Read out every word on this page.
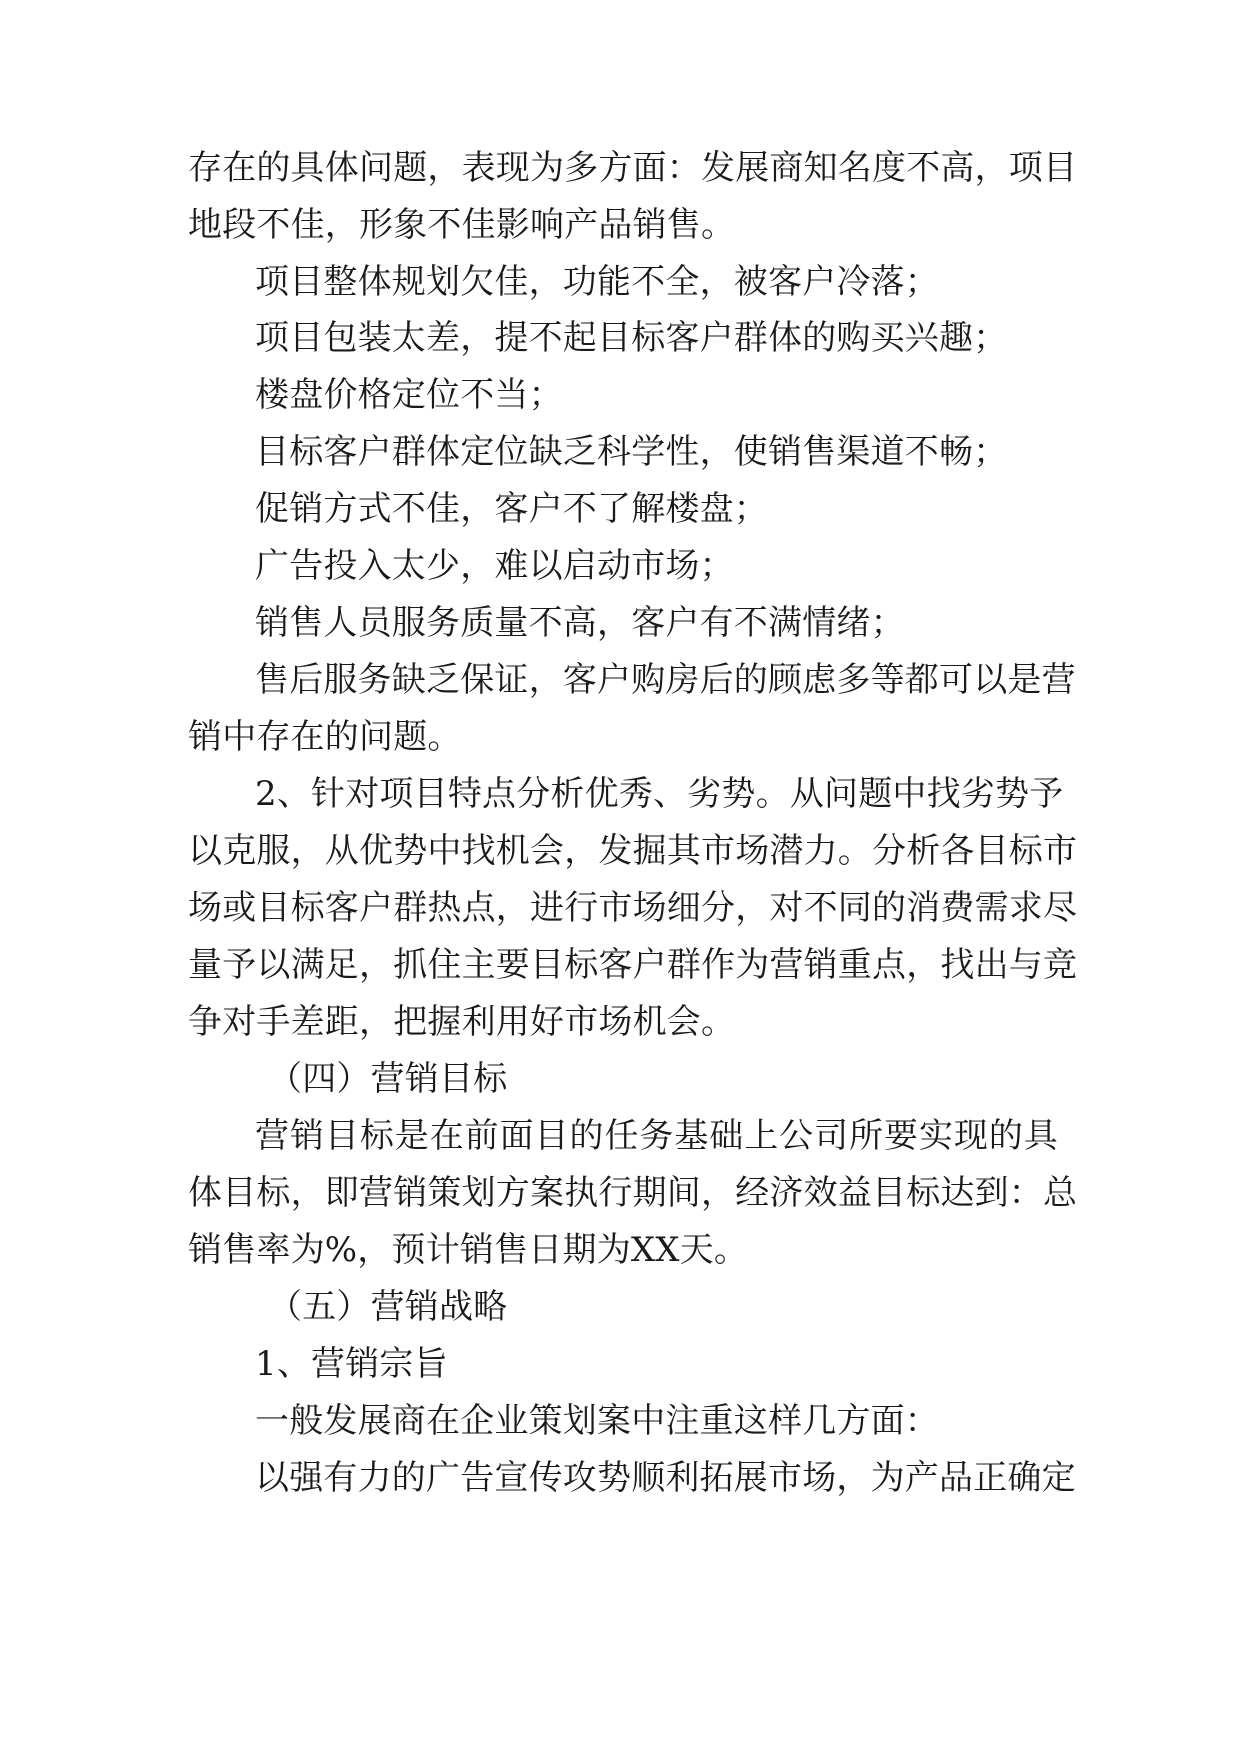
存在的具体问题，表现为多方面：发展商知名度不高，项目
地段不佳，形象不佳影响产品销售。
项目整体规划欠佳，功能不全，被客户冷落；
项目包装太差，提不起目标客户群体的购买兴趣；
楼盘价格定位不当；
目标客户群体定位缺乏科学性，使销售渠道不畅；
促销方式不佳，客户不了解楼盘；
广告投入太少，难以启动市场；
销售人员服务质量不高，客户有不满情绪；
售后服务缺乏保证，客户购房后的顾虑多等都可以是营
销中存在的问题。
2、针对项目特点分析优秀、劣势。从问题中找劣势予
以克服，从优势中找机会，发掘其市场潜力。分析各目标市
场或目标客户群热点，进行市场细分，对不同的消费需求尽
量予以满足，抓住主要目标客户群作为营销重点，找出与竞
争对手差距，把握利用好市场机会。
（四）营销目标
营销目标是在前面目的任务基础上公司所要实现的具
体目标，即营销策划方案执行期间，经济效益目标达到：总
销售率为%，预计销售日期为XX天。
（五）营销战略
1、营销宗旨
一般发展商在企业策划案中注重这样几方面：
以强有力的广告宣传攻势顺利拓展市场，为产品正确定
